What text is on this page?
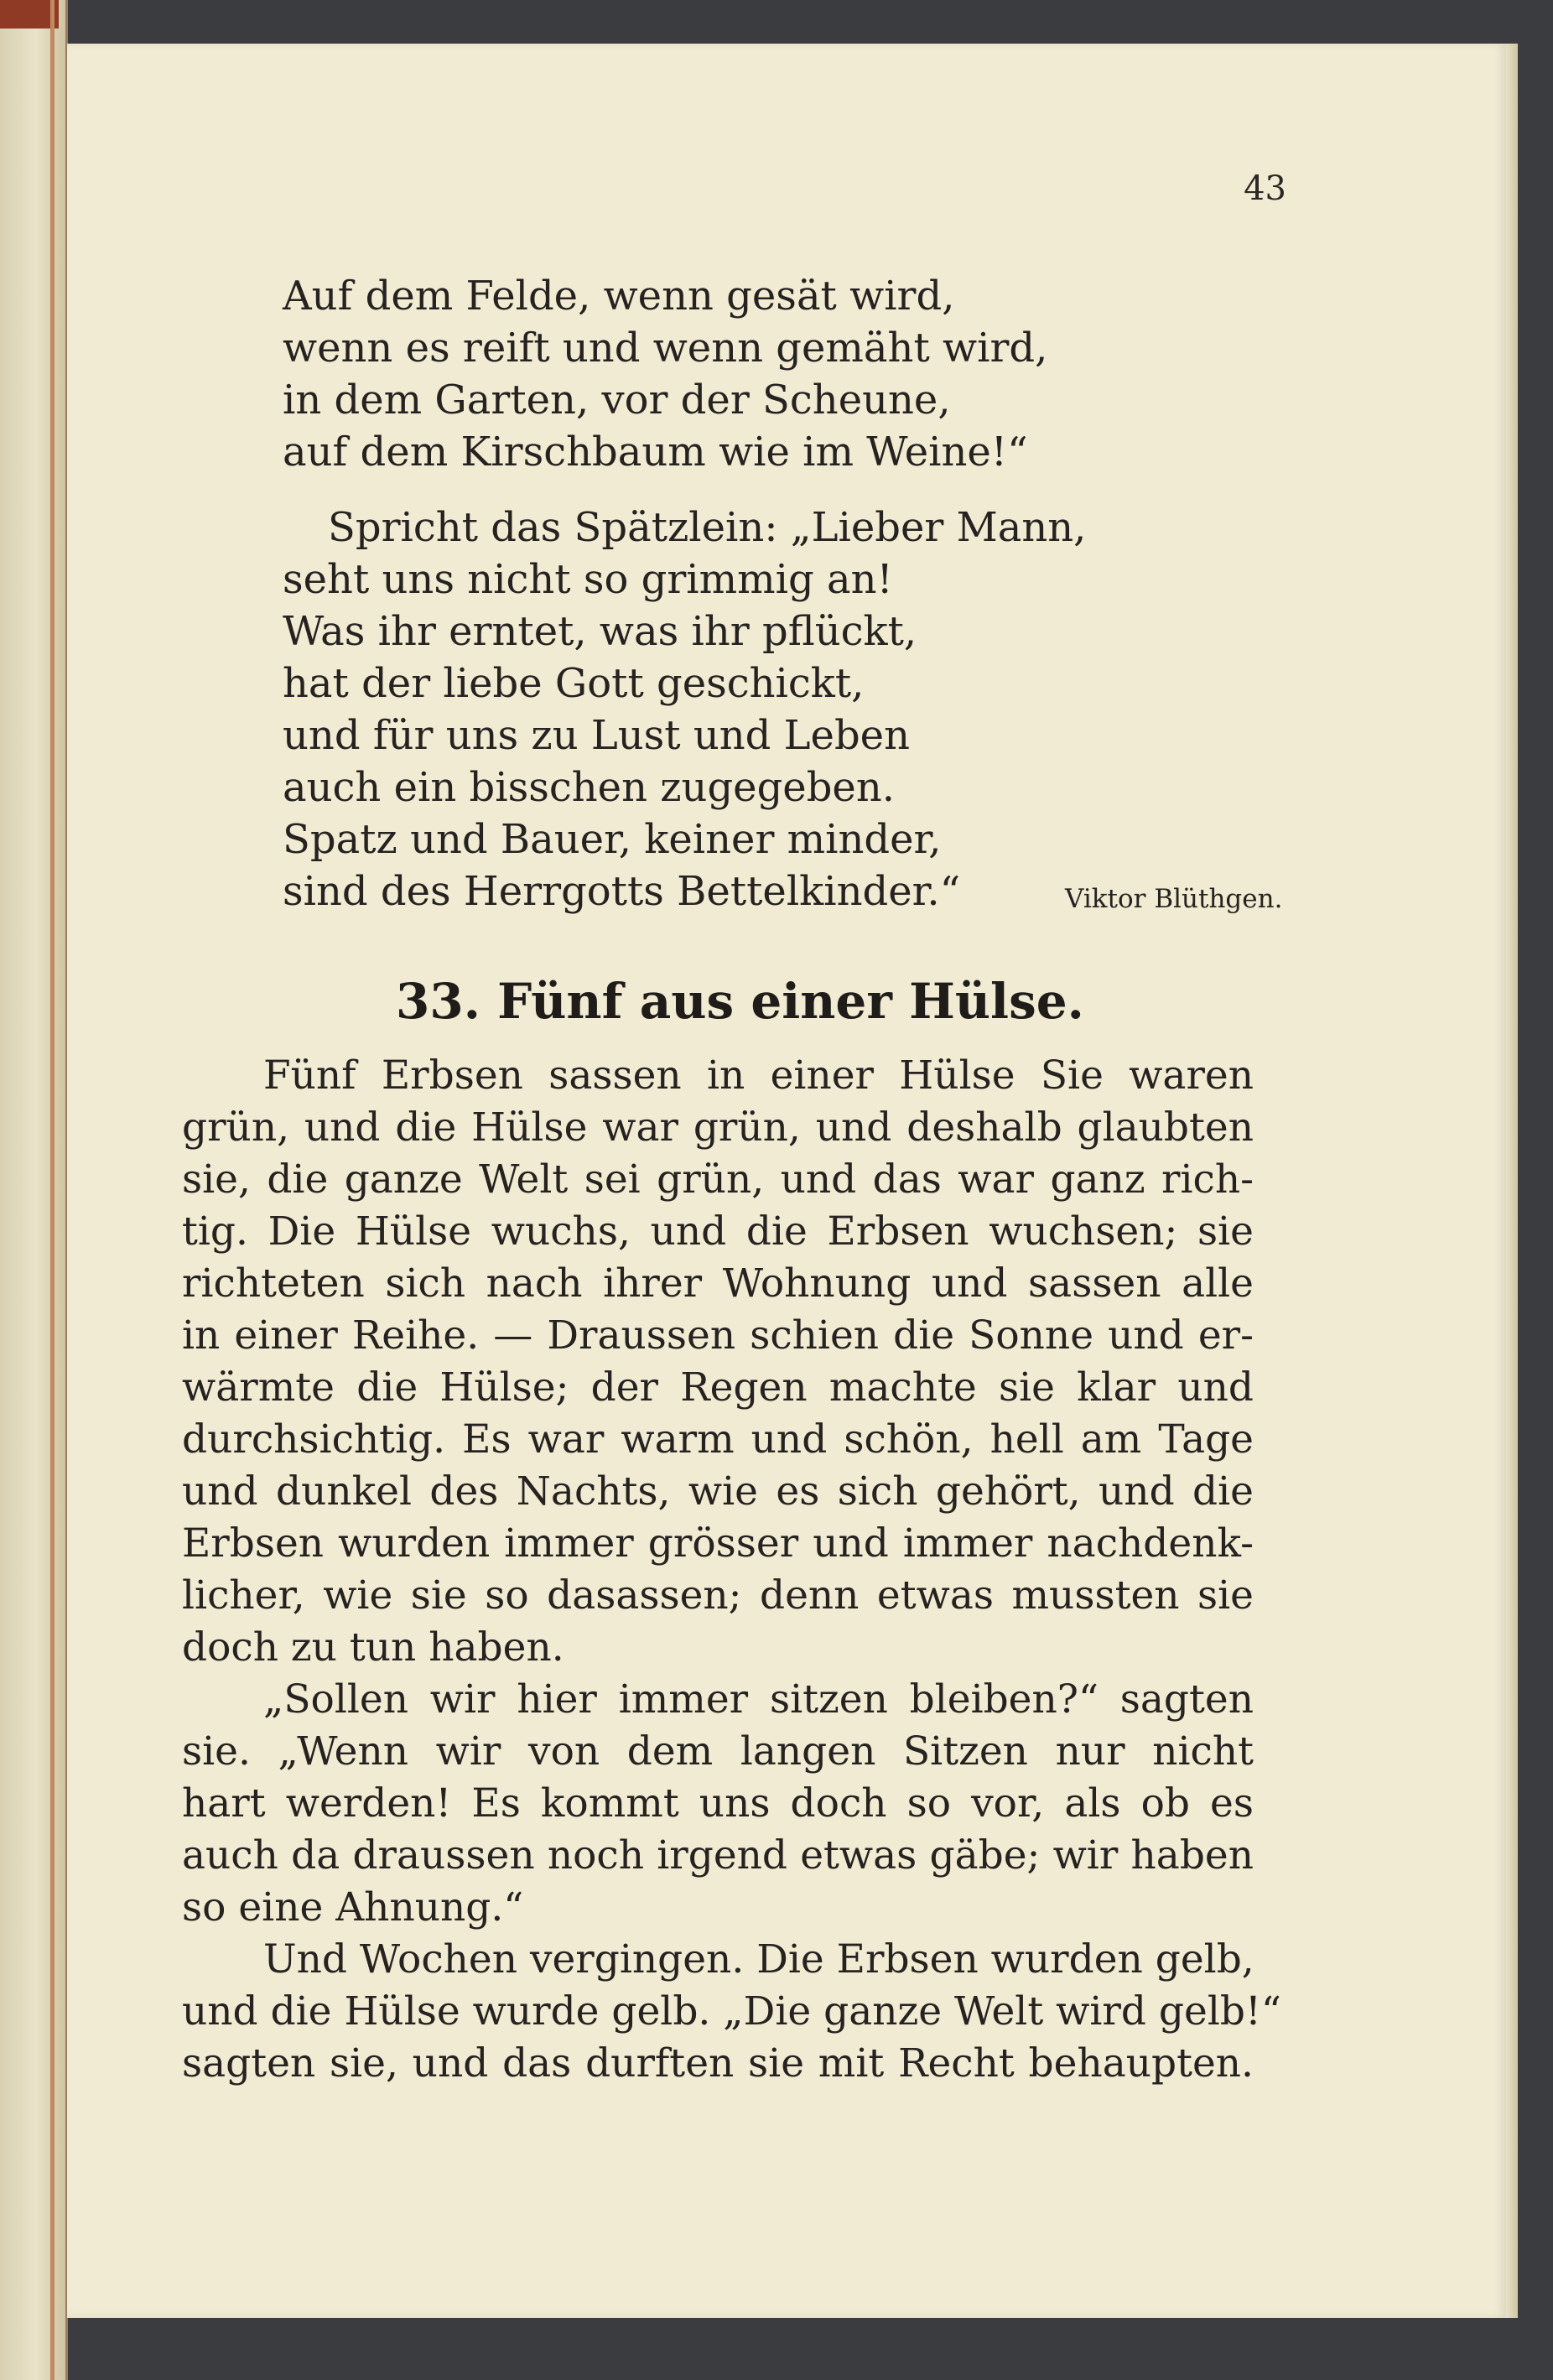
43
Auf dem Felde, wenn gesät wird,
wenn es reift und wenn gemäht wird,
in dem Garten, vor der Scheune,
auf dem Kirschbaum wie im Weine!“
Spricht das Spätzlein: „Lieber Mann,
seht uns nicht so grimmig an!
Was ihr erntet, was ihr pflückt,
hat der liebe Gott geschickt,
und für uns zu Lust und Leben
auch ein bisschen zugegeben.
Spatz und Bauer, keiner minder,
sind des Herrgotts Bettelkinder.“	Viktor Blüthgen.
33. Fünf aus einer Hülse.
Fünf Erbsen sassen in einer Hülse Sie waren
grün, und die Hülse war grün, und deshalb glaubten
sie, die ganze Welt sei grün, und das war ganz rich-
tig. Die Hülse wuchs, und die Erbsen wuchsen; sie
richteten sich nach ihrer Wohnung und sassen alle
in einer Reihe. — Draussen schien die Sonne und er-
wärmte die Hülse; der Regen machte sie klar und
durchsichtig. Es war warm und schön, hell am Tage
und dunkel des Nachts, wie es sich gehört, und die
Erbsen wurden immer grösser und immer nachdenk-
licher, wie sie so dasassen; denn etwas mussten sie
doch zu tun haben.
„Sollen wir hier immer sitzen bleiben?“ sagten
sie. „Wenn wir von dem langen Sitzen nur nicht
hart werden! Es kommt uns doch so vor, als ob es
auch da draussen noch irgend etwas gäbe; wir haben
so eine Ahnung.“
Und Wochen vergingen. Die Erbsen wurden gelb,
und die Hülse wurde gelb. „Die ganze Welt wird gelb!“
sagten sie, und das durften sie mit Recht behaupten.
